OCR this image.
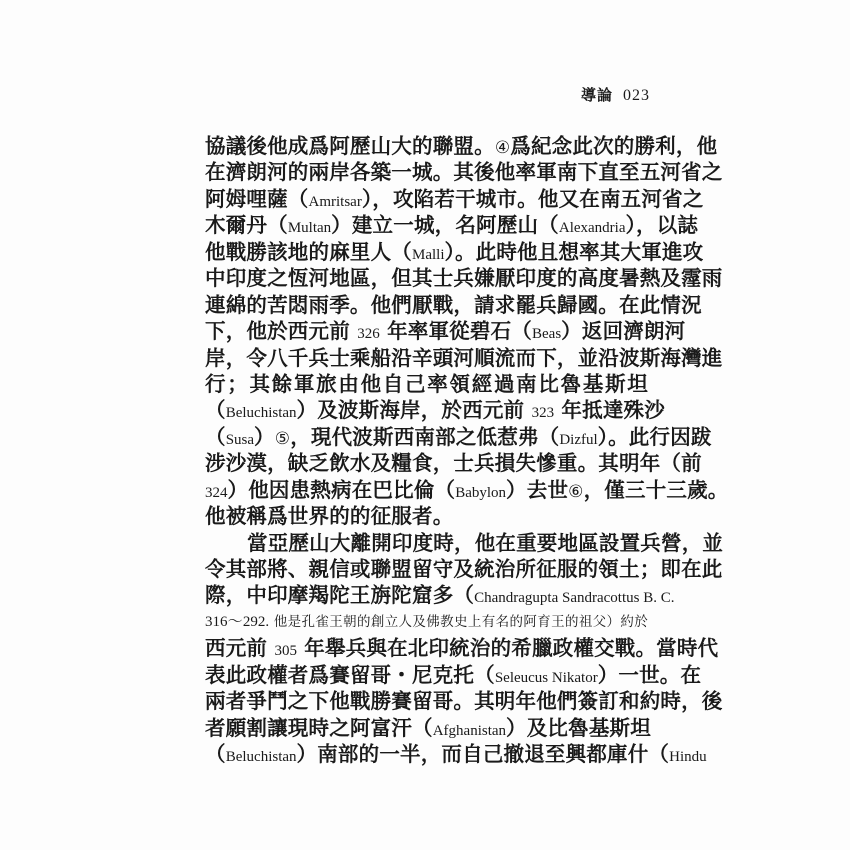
導論 023
協議後他成爲阿歷山大的聯盟。④爲紀念此次的勝利，他
在濟朗河的兩岸各築一城。其後他率軍南下直至五河省之
阿姆哩薩（Amritsar），攻陷若干城市。他又在南五河省之
木爾丹（Multan）建立一城，名阿歷山（Alexandria），以誌
他戰勝該地的麻里人（Malli）。此時他且想率其大軍進攻
中印度之恆河地區，但其士兵嫌厭印度的高度暑熱及霪雨
連綿的苦悶雨季。他們厭戰，請求罷兵歸國。在此情況
下，他於西元前 326 年率軍從碧石（Beas）返回濟朗河
岸，令八千兵士乘船沿辛頭河順流而下，並沿波斯海灣進
行；其餘軍旅由他自己率領經過南比魯基斯坦
（Beluchistan）及波斯海岸，於西元前 323 年抵達殊沙
（Susa）⑤，現代波斯西南部之低惹弗（Dizful）。此行因跋
涉沙漠，缺乏飲水及糧食，士兵損失慘重。其明年（前
324）他因患熱病在巴比倫（Babylon）去世⑥，僅三十三歲。
他被稱爲世界的的征服者。
當亞歷山大離開印度時，他在重要地區設置兵營，並
令其部將、親信或聯盟留守及統治所征服的領土；即在此
際，中印摩羯陀王旃陀窟多（Chandragupta Sandracottus B. C.
316～292. 他是孔雀王朝的創立人及佛教史上有名的阿育王的祖父）約於
西元前 305 年舉兵與在北印統治的希臘政權交戰。當時代
表此政權者爲賽留哥・尼克托（Seleucus Nikator）一世。在
兩者爭鬥之下他戰勝賽留哥。其明年他們簽訂和約時，後
者願割讓現時之阿富汗（Afghanistan）及比魯基斯坦
（Beluchistan）南部的一半，而自己撤退至興都庫什（Hindu
